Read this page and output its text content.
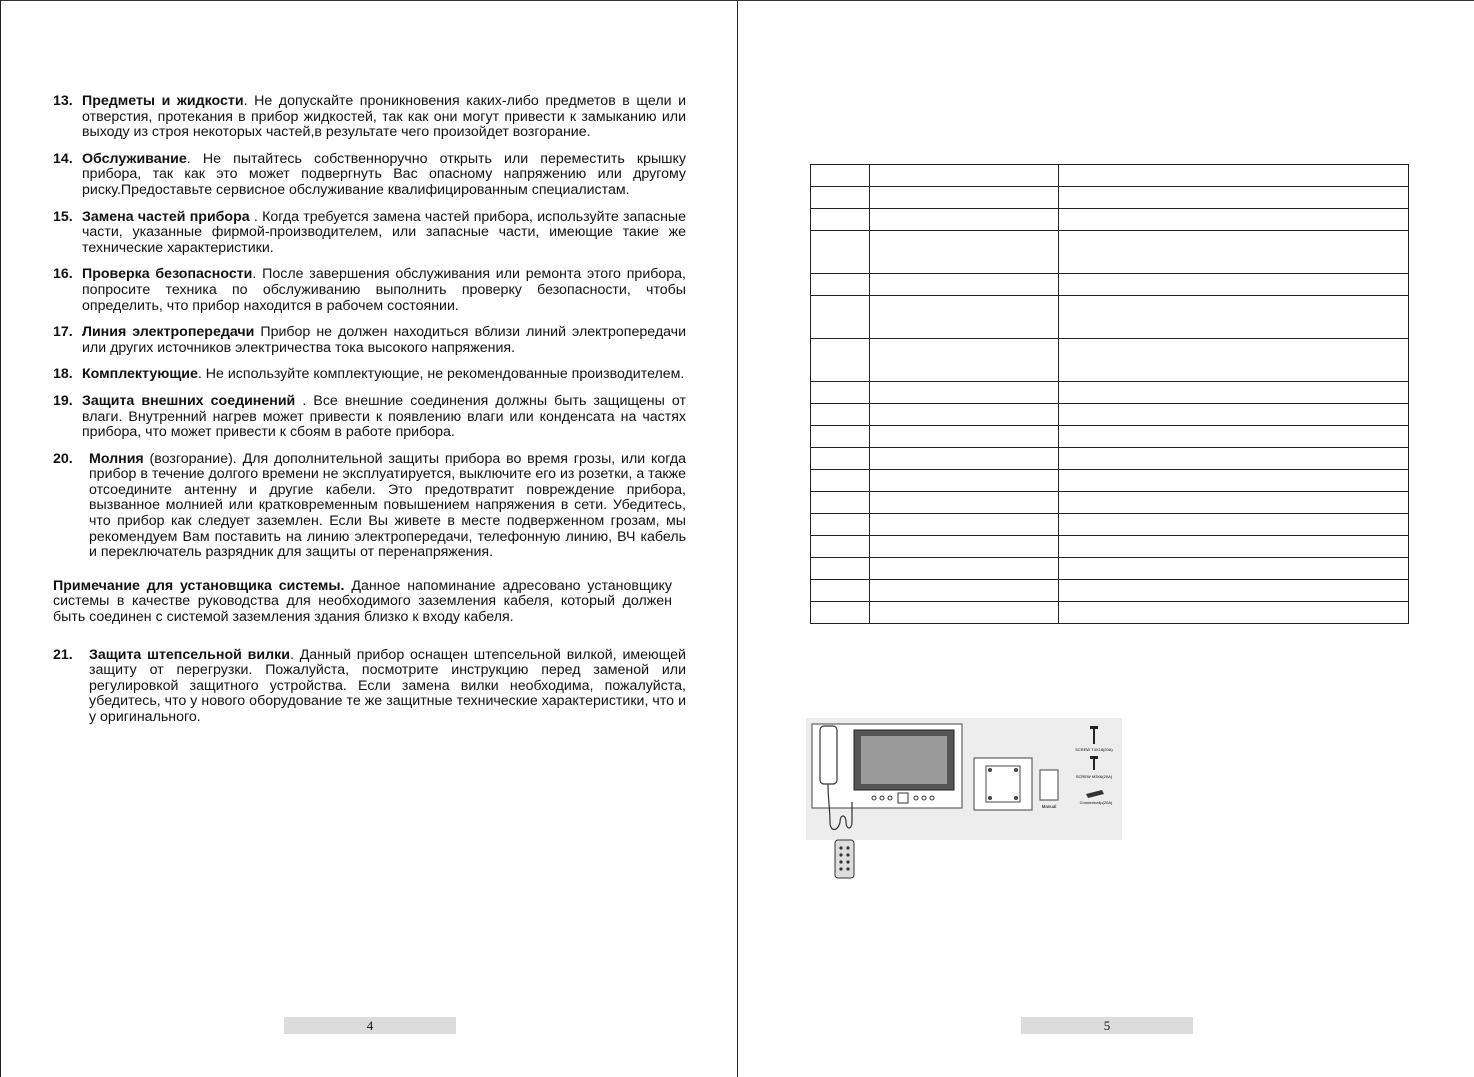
13. Предметы и жидкости. Не допускайте проникновения каких-либо предметов в щели и отверстия, протекания в прибор жидкостей, так как они могут привести к замыканию или выходу из строя некоторых частей,в результате чего произойдет возгорание.
14. Обслуживание. Не пытайтесь собственноручно открыть или переместить крышку прибора, так как это может подвергнуть Вас опасному напряжению или другому риску.Предоставьте сервисное обслуживание квалифицированным специалистам.
15. Замена частей прибора . Когда требуется замена частей прибора, используйте запасные части, указанные фирмой-производителем, или запасные части, имеющие такие же технические характеристики.
16. Проверка безопасности. После завершения обслуживания или ремонта этого прибора, попросите техника по обслуживанию выполнить проверку безопасности, чтобы определить, что прибор находится в рабочем состоянии.
17. Линия электропередачи Прибор не должен находиться вблизи линий электропередачи или других источников электричества тока высокого напряжения.
18. Комплектующие. Не используйте комплектующие, не рекомендованные производителем.
19. Защита внешних соединений . Все внешние соединения должны быть защищены от влаги. Внутренний нагрев может привести к появлению влаги или конденсата на частях прибора, что может привести к сбоям в работе прибора.
20.	Молния (возгорание). Для дополнительной защиты прибора во время грозы, или когда прибор в течение долгого времени не эксплуатируется, выключите его из розетки, а также отсоедините антенну и другие кабели. Это предотвратит повреждение прибора, вызванное молнией или кратковременным повышением напряжения в сети. Убедитесь, что прибор как следует заземлен. Если Вы живете в месте подверженном грозам, мы рекомендуем Вам поставить на линию электропередачи, телефонную линию, ВЧ кабель и переключатель разрядник для защиты от перенапряжения.
Примечание для установщика системы. Данное напоминание адресовано установщику системы в качестве руководства для необходимого заземления кабеля, который должен быть соединен с системой заземления здания близко к входу кабеля.
21.	Защита штепсельной вилки. Данный прибор оснащен штепсельной вилкой, имеющей защиту от перегрузки. Пожалуйста, посмотрите инструкцию перед заменой или регулировкой защитного устройства. Если замена вилки необходима, пожалуйста, убедитесь, что у нового оборудование те же защитные технические характеристики, что и у оригинального.
4	5

Manual
SCREW T4X18(20A)
SCREW M3X6(20A)
Connector4p(20A)
